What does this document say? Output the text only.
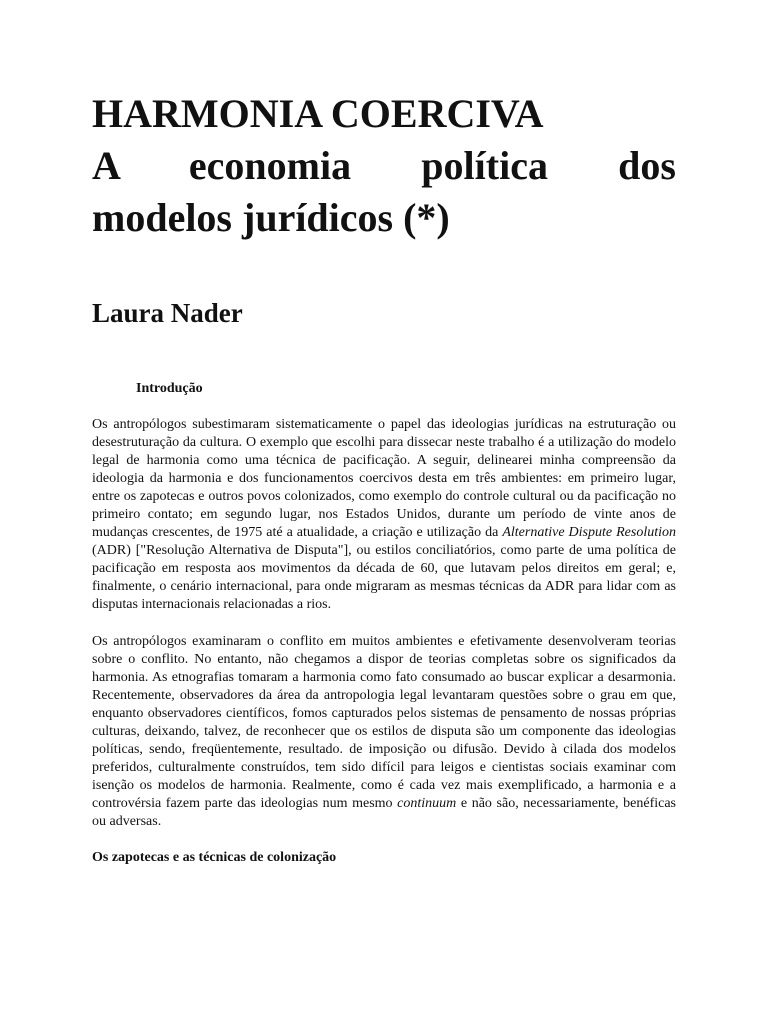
HARMONIA COERCIVA
A economia política dos
modelos jurídicos (*)
Laura Nader
Introdução

Os antropólogos subestimaram sistematicamente o papel das ideologias jurídicas na estruturação ou desestruturação da cultura. O exemplo que escolhi para dissecar neste trabalho é a utilização do modelo legal de harmonia como uma técnica de pacificação. A seguir, delinearei minha compreensão da ideologia da harmonia e dos funcionamentos coercivos desta em três ambientes: em primeiro lugar, entre os zapotecas e outros povos colonizados, como exemplo do controle cultural ou da pacificação no primeiro contato; em segundo lugar, nos Estados Unidos, durante um período de vinte anos de mudanças crescentes, de 1975 até a atualidade, a criação e utilização da Alternative Dispute Resolution (ADR) ["Resolução Alternativa de Disputa"], ou estilos conciliatórios, como parte de uma política de pacificação em resposta aos movimentos da década de 60, que lutavam pelos direitos em geral; e, finalmente, o cenário internacional, para onde migraram as mesmas técnicas da ADR para lidar com as disputas internacionais relacionadas a rios.

Os antropólogos examinaram o conflito em muitos ambientes e efetivamente desenvolveram teorias sobre o conflito. No entanto, não chegamos a dispor de teorias completas sobre os significados da harmonia. As etnografias tomaram a harmonia como fato consumado ao buscar explicar a desarmonia. Recentemente, observadores da área da antropologia legal levantaram questões sobre o grau em que, enquanto observadores científicos, fomos capturados pelos sistemas de pensamento de nossas próprias culturas, deixando, talvez, de reconhecer que os estilos de disputa são um componente das ideologias políticas, sendo, freqüentemente, resultado. de imposição ou difusão. Devido à cilada dos modelos preferidos, culturalmente construídos, tem sido difícil para leigos e cientistas sociais examinar com isenção os modelos de harmonia. Realmente, como é cada vez mais exemplificado, a harmonia e a controvérsia fazem parte das ideologias num mesmo continuum e não são, necessariamente, benéficas ou adversas.

Os zapotecas e as técnicas de colonização
